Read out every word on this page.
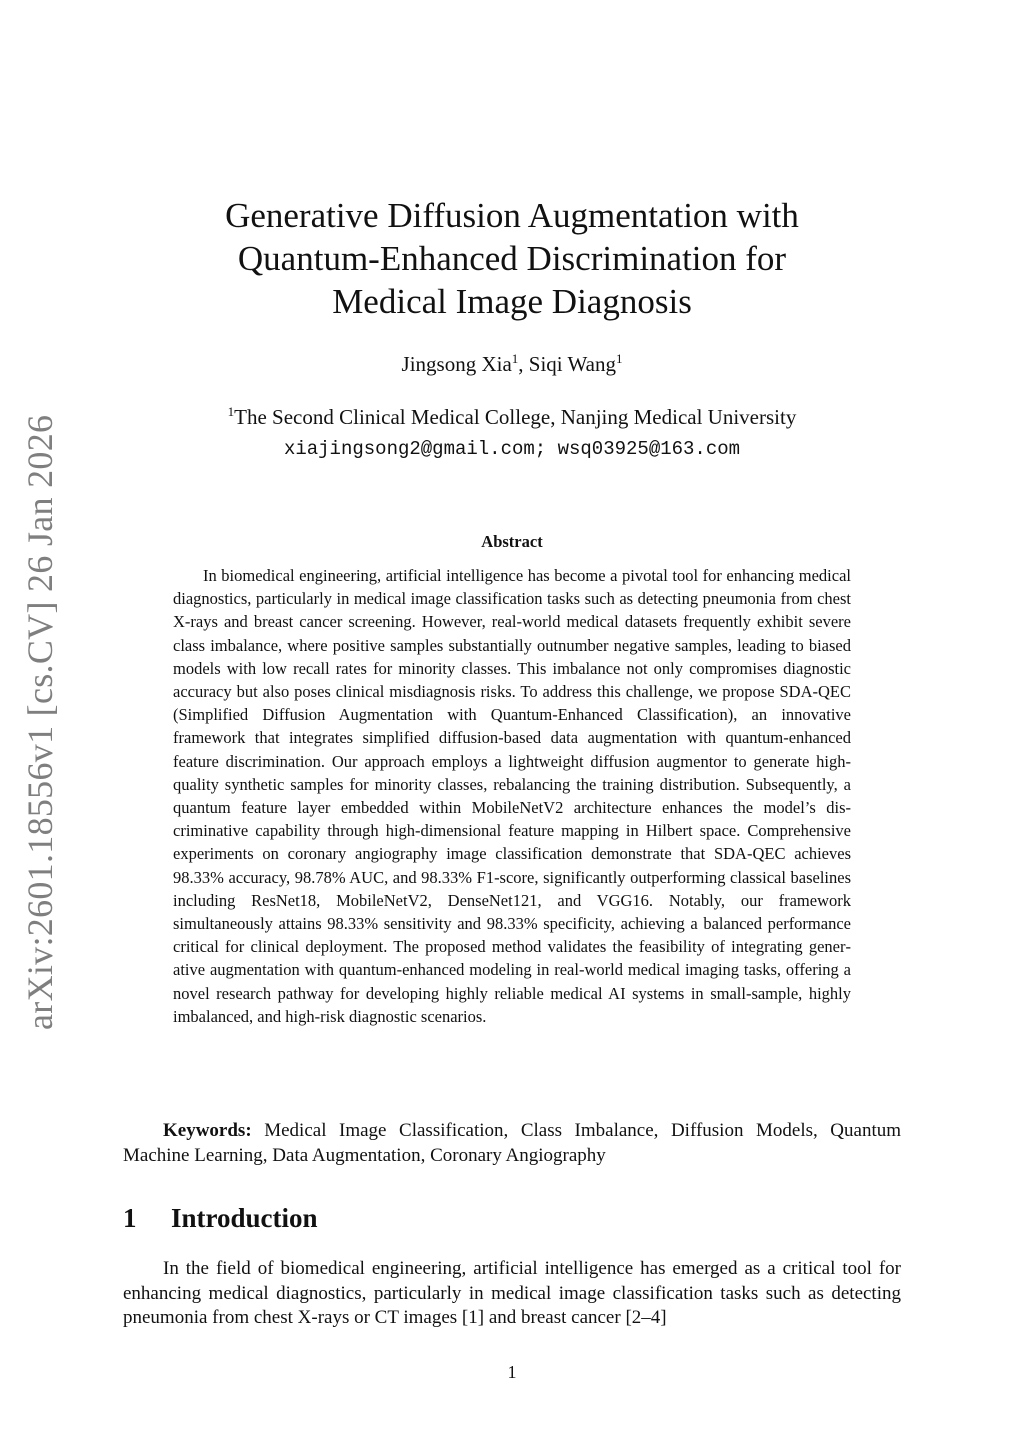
arXiv:2601.18556v1 [cs.CV] 26 Jan 2026
Generative Diffusion Augmentation with
Quantum-Enhanced Discrimination for
Medical Image Diagnosis
Jingsong Xia$^1$, Siqi Wang$^1$
$^1$The Second Clinical Medical College, Nanjing Medical University
xiajingsong2@gmail.com; wsq03925@163.com
Abstract
In biomedical engineering, artificial intelligence has become a pivotal tool for enhancing medical diagnostics, particularly in medical image classification tasks such as detecting pneumonia from chest X-rays and breast cancer screening. However, real-world medical datasets frequently exhibit severe class imbalance, where positive samples substantially outnumber negative samples, leading to biased models with low recall rates for minority classes. This imbalance not only compromises diagnostic accuracy but also poses clinical misdiagnosis risks. To address this challenge, we propose SDA-QEC (Simplified Diffusion Augmentation with Quantum-Enhanced Classification), an innovative framework that integrates simplified diffusion-based data augmentation with quantum-enhanced feature discrimination. Our approach employs a lightweight diffusion augmentor to generate high-quality synthetic samples for minority classes, rebalancing the training distribution. Subsequently, a quantum feature layer embedded within MobileNetV2 architecture enhances the model’s discriminative capability through high-dimensional feature mapping in Hilbert space. Comprehensive experiments on coronary angiography image classification demonstrate that SDA-QEC achieves 98.33% accuracy, 98.78% AUC, and 98.33% F1-score, significantly outperforming classical baselines including ResNet18, MobileNetV2, DenseNet121, and VGG16. Notably, our framework simultaneously attains 98.33% sensitivity and 98.33% specificity, achieving a balanced performance critical for clinical deployment. The proposed method validates the feasibility of integrating generative augmentation with quantum-enhanced modeling in real-world medical imaging tasks, offering a novel research pathway for developing highly reliable medical AI systems in small-sample, highly imbalanced, and high-risk diagnostic scenarios.
Keywords: Medical Image Classification, Class Imbalance, Diffusion Models, Quantum Machine Learning, Data Augmentation, Coronary Angiography
1 Introduction
In the field of biomedical engineering, artificial intelligence has emerged as a critical tool for enhancing medical diagnostics, particularly in medical image classification tasks such as detecting pneumonia from chest X-rays or CT images [1] and breast cancer [2–4]
1
